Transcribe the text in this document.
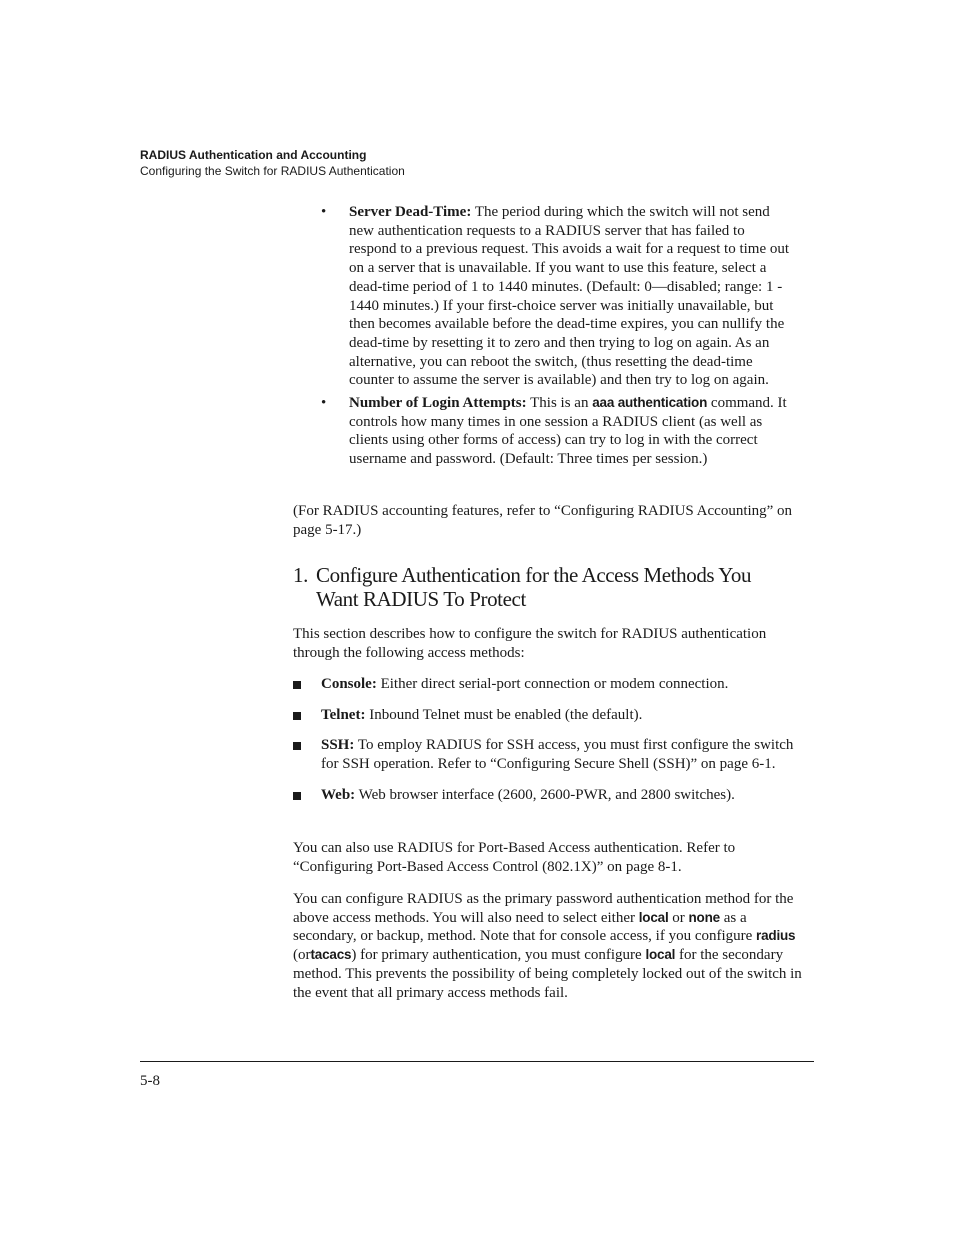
RADIUS Authentication and Accounting
Configuring the Switch for RADIUS Authentication
• Server Dead-Time: The period during which the switch will not send new authentication requests to a RADIUS server that has failed to respond to a previous request. This avoids a wait for a request to time out on a server that is unavailable. If you want to use this feature, select a dead-time period of 1 to 1440 minutes. (Default: 0—disabled; range: 1 - 1440 minutes.) If your first-choice server was initially unavailable, but then becomes available before the dead-time expires, you can nullify the dead-time by resetting it to zero and then trying to log on again. As an alternative, you can reboot the switch, (thus resetting the dead-time counter to assume the server is available) and then try to log on again.
• Number of Login Attempts: This is an aaa authentication command. It controls how many times in one session a RADIUS client (as well as clients using other forms of access) can try to log in with the correct username and password. (Default: Three times per session.)
(For RADIUS accounting features, refer to “Configuring RADIUS Accounting” on page 5-17.)
1. Configure Authentication for the Access Methods You
Want RADIUS To Protect
This section describes how to configure the switch for RADIUS authentication through the following access methods:
Console: Either direct serial-port connection or modem connection.
Telnet: Inbound Telnet must be enabled (the default).
SSH: To employ RADIUS for SSH access, you must first configure the switch for SSH operation. Refer to “Configuring Secure Shell (SSH)” on page 6-1.
Web: Web browser interface (2600, 2600-PWR, and 2800 switches).
You can also use RADIUS for Port-Based Access authentication. Refer to “Configuring Port-Based Access Control (802.1X)” on page 8-1.
You can configure RADIUS as the primary password authentication method for the above access methods. You will also need to select either local or none as a secondary, or backup, method. Note that for console access, if you configure radius (ortacacs) for primary authentication, you must configure local for the secondary method. This prevents the possibility of being completely locked out of the switch in the event that all primary access methods fail.
5-8
